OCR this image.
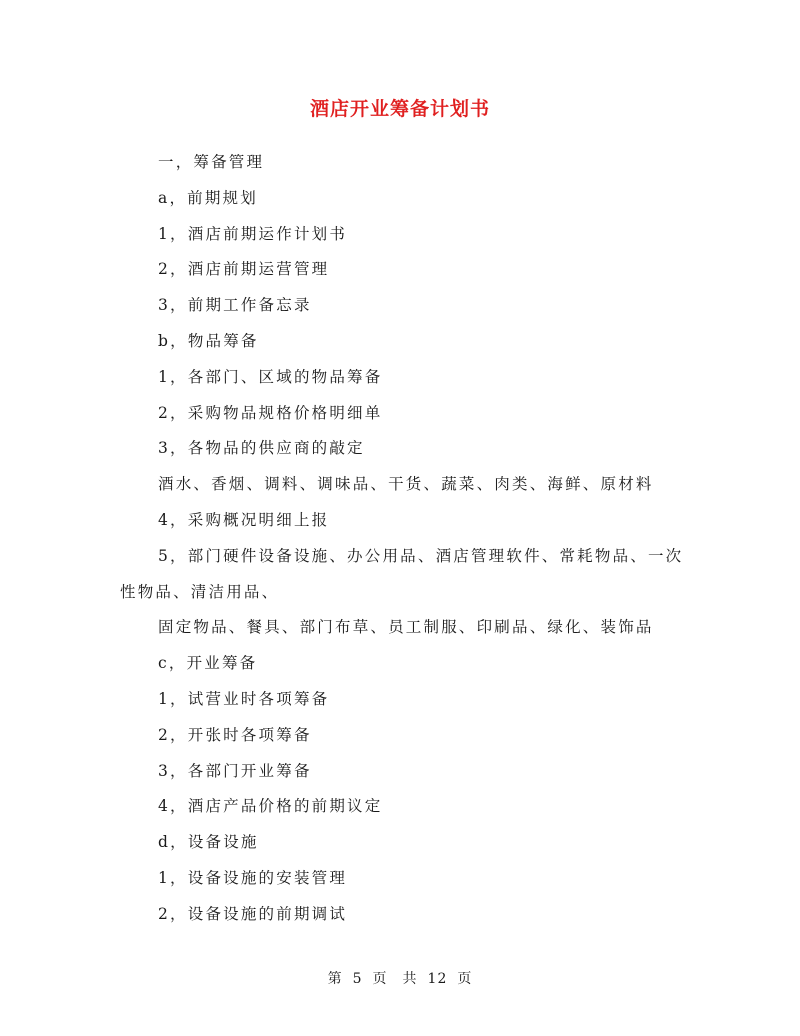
酒店开业筹备计划书
一，筹备管理
a，前期规划
1，酒店前期运作计划书
2，酒店前期运营管理
3，前期工作备忘录
b，物品筹备
1，各部门、区域的物品筹备
2，采购物品规格价格明细单
3，各物品的供应商的敲定
酒水、香烟、调料、调味品、干货、蔬菜、肉类、海鲜、原材料
4，采购概况明细上报
5，部门硬件设备设施、办公用品、酒店管理软件、常耗物品、一次性物品、清洁用品、
固定物品、餐具、部门布草、员工制服、印刷品、绿化、装饰品
c，开业筹备
1，试营业时各项筹备
2，开张时各项筹备
3，各部门开业筹备
4，酒店产品价格的前期议定
d，设备设施
1，设备设施的安装管理
2，设备设施的前期调试
第 5 页　共 12 页
